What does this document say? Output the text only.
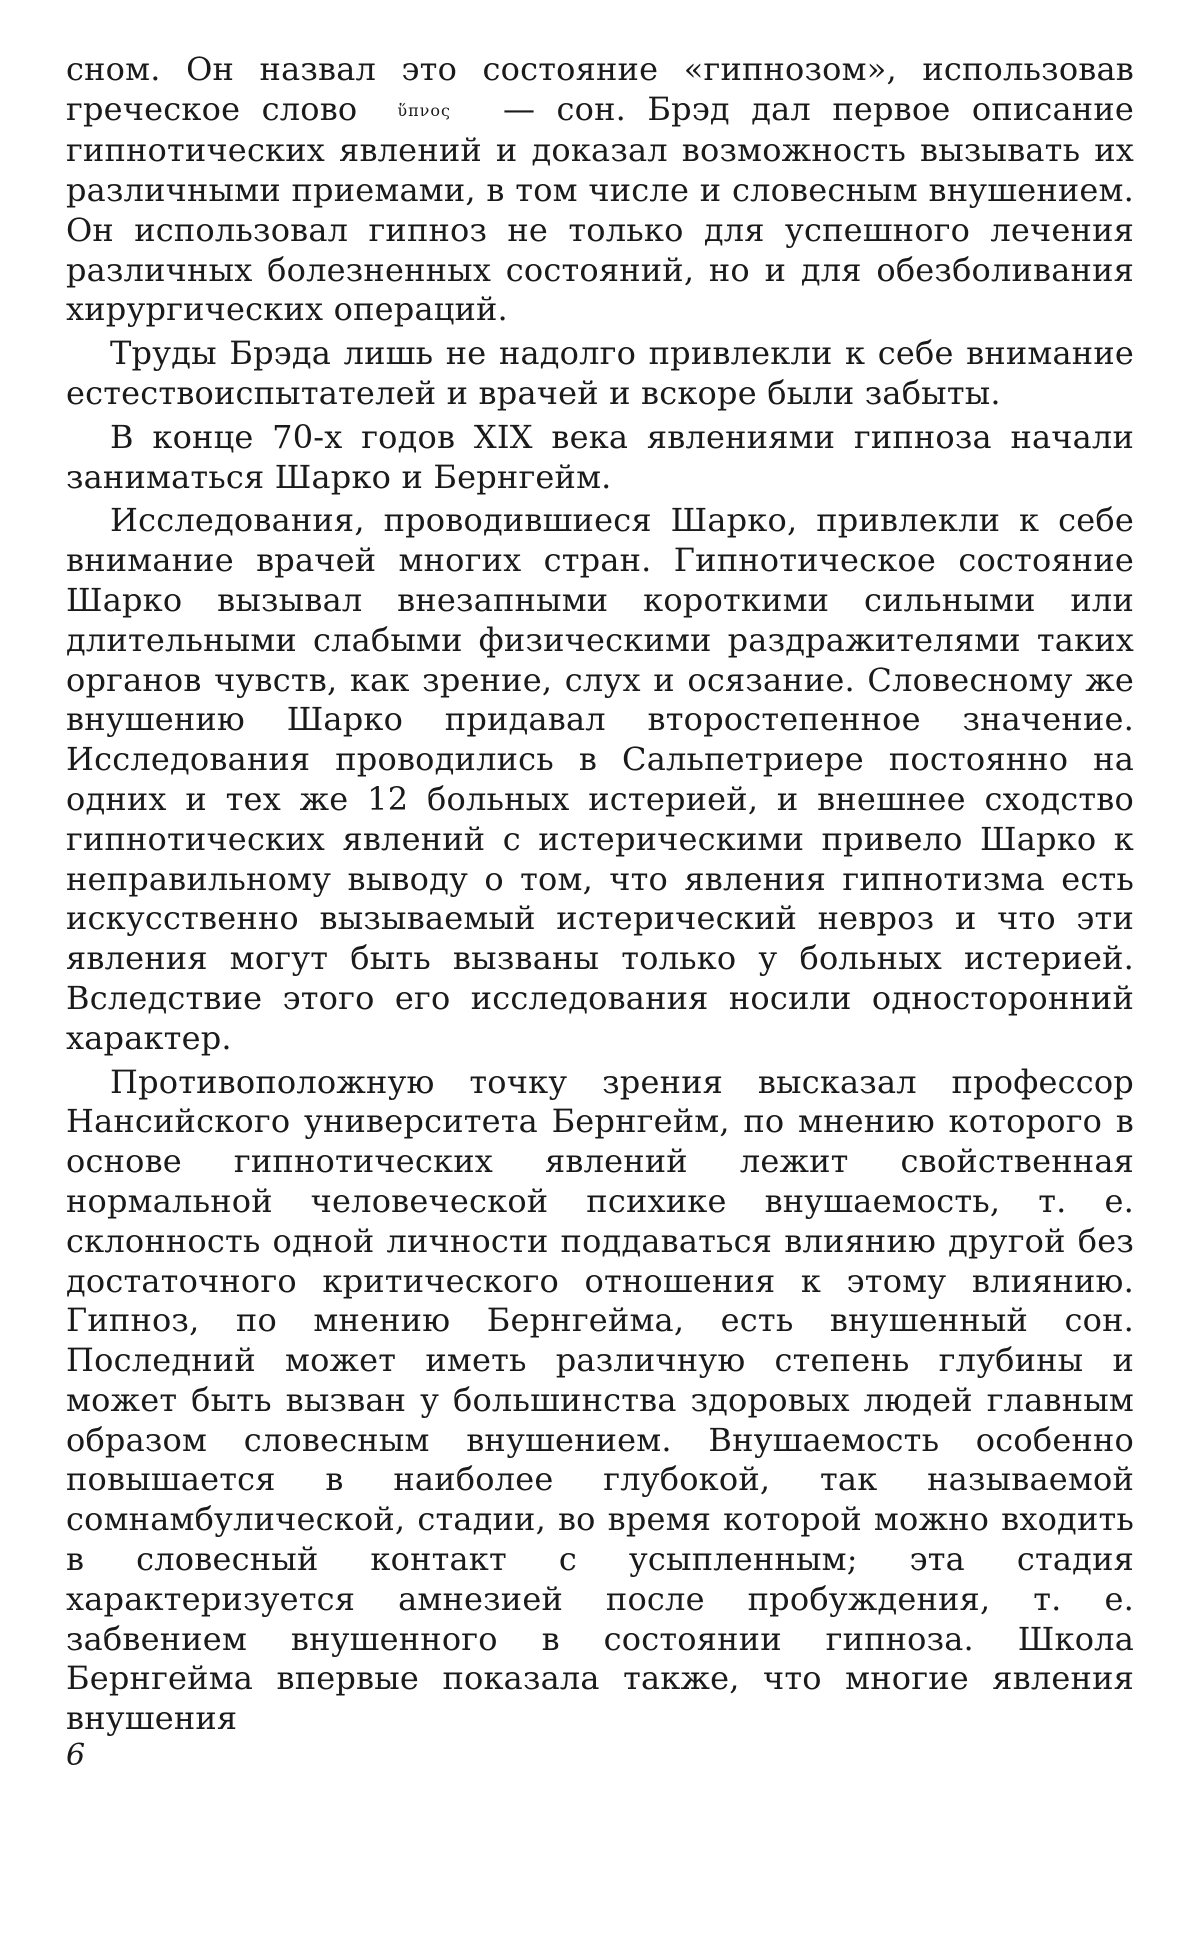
сном. Он назвал это состояние «гипнозом», использовав греческое слово	ὕπνος — сон. Брэд дал первое описание гипнотических явлений и доказал возможность вызывать их различными приемами, в том числе и словесным внушением. Он использовал гипноз не только для успешного лечения различных болезненных состояний, но и для обезболивания хирургических операций.

Труды Брэда лишь не надолго привлекли к себе внимание естествоиспытателей и врачей и вскоре были забыты.

В конце 70-х годов XIX века явлениями гипноза начали заниматься Шарко и Бернгейм.

Исследования, проводившиеся Шарко, привлекли к себе внимание врачей многих стран. Гипнотическое состояние Шарко вызывал внезапными короткими сильными или длительными слабыми физическими раздражителями таких органов чувств, как зрение, слух и осязание. Словесному же внушению Шарко придавал второстепенное значение. Исследования проводились в Сальпетриере постоянно на одних и тех же 12 больных истерией, и внешнее сходство гипнотических явлений с истерическими привело Шарко к неправильному выводу о том, что явления гипнотизма есть искусственно вызываемый истерический невроз и что эти явления могут быть вызваны только у больных истерией. Вследствие этого его исследования носили односторонний характер.

Противоположную точку зрения высказал профессор Нансийского университета Бернгейм, по мнению которого в основе гипнотических явлений лежит свойственная нормальной человеческой психике внушаемость, т. е. склонность одной личности поддаваться влиянию другой без достаточного критического отношения к этому влиянию. Гипноз, по мнению Бернгейма, есть внушенный сон. Последний может иметь различную степень глубины и может быть вызван у большинства здоровых людей главным образом словесным внушением. Внушаемость особенно повышается в наиболее глубокой, так называемой сомнамбулической, стадии, во время которой можно входить в словесный контакт с усыпленным; эта стадия характеризуется амнезией после пробуждения, т. е. забвением внушенного в состоянии гипноза. Школа Бернгейма впервые показала также, что многие явления внушения

6
